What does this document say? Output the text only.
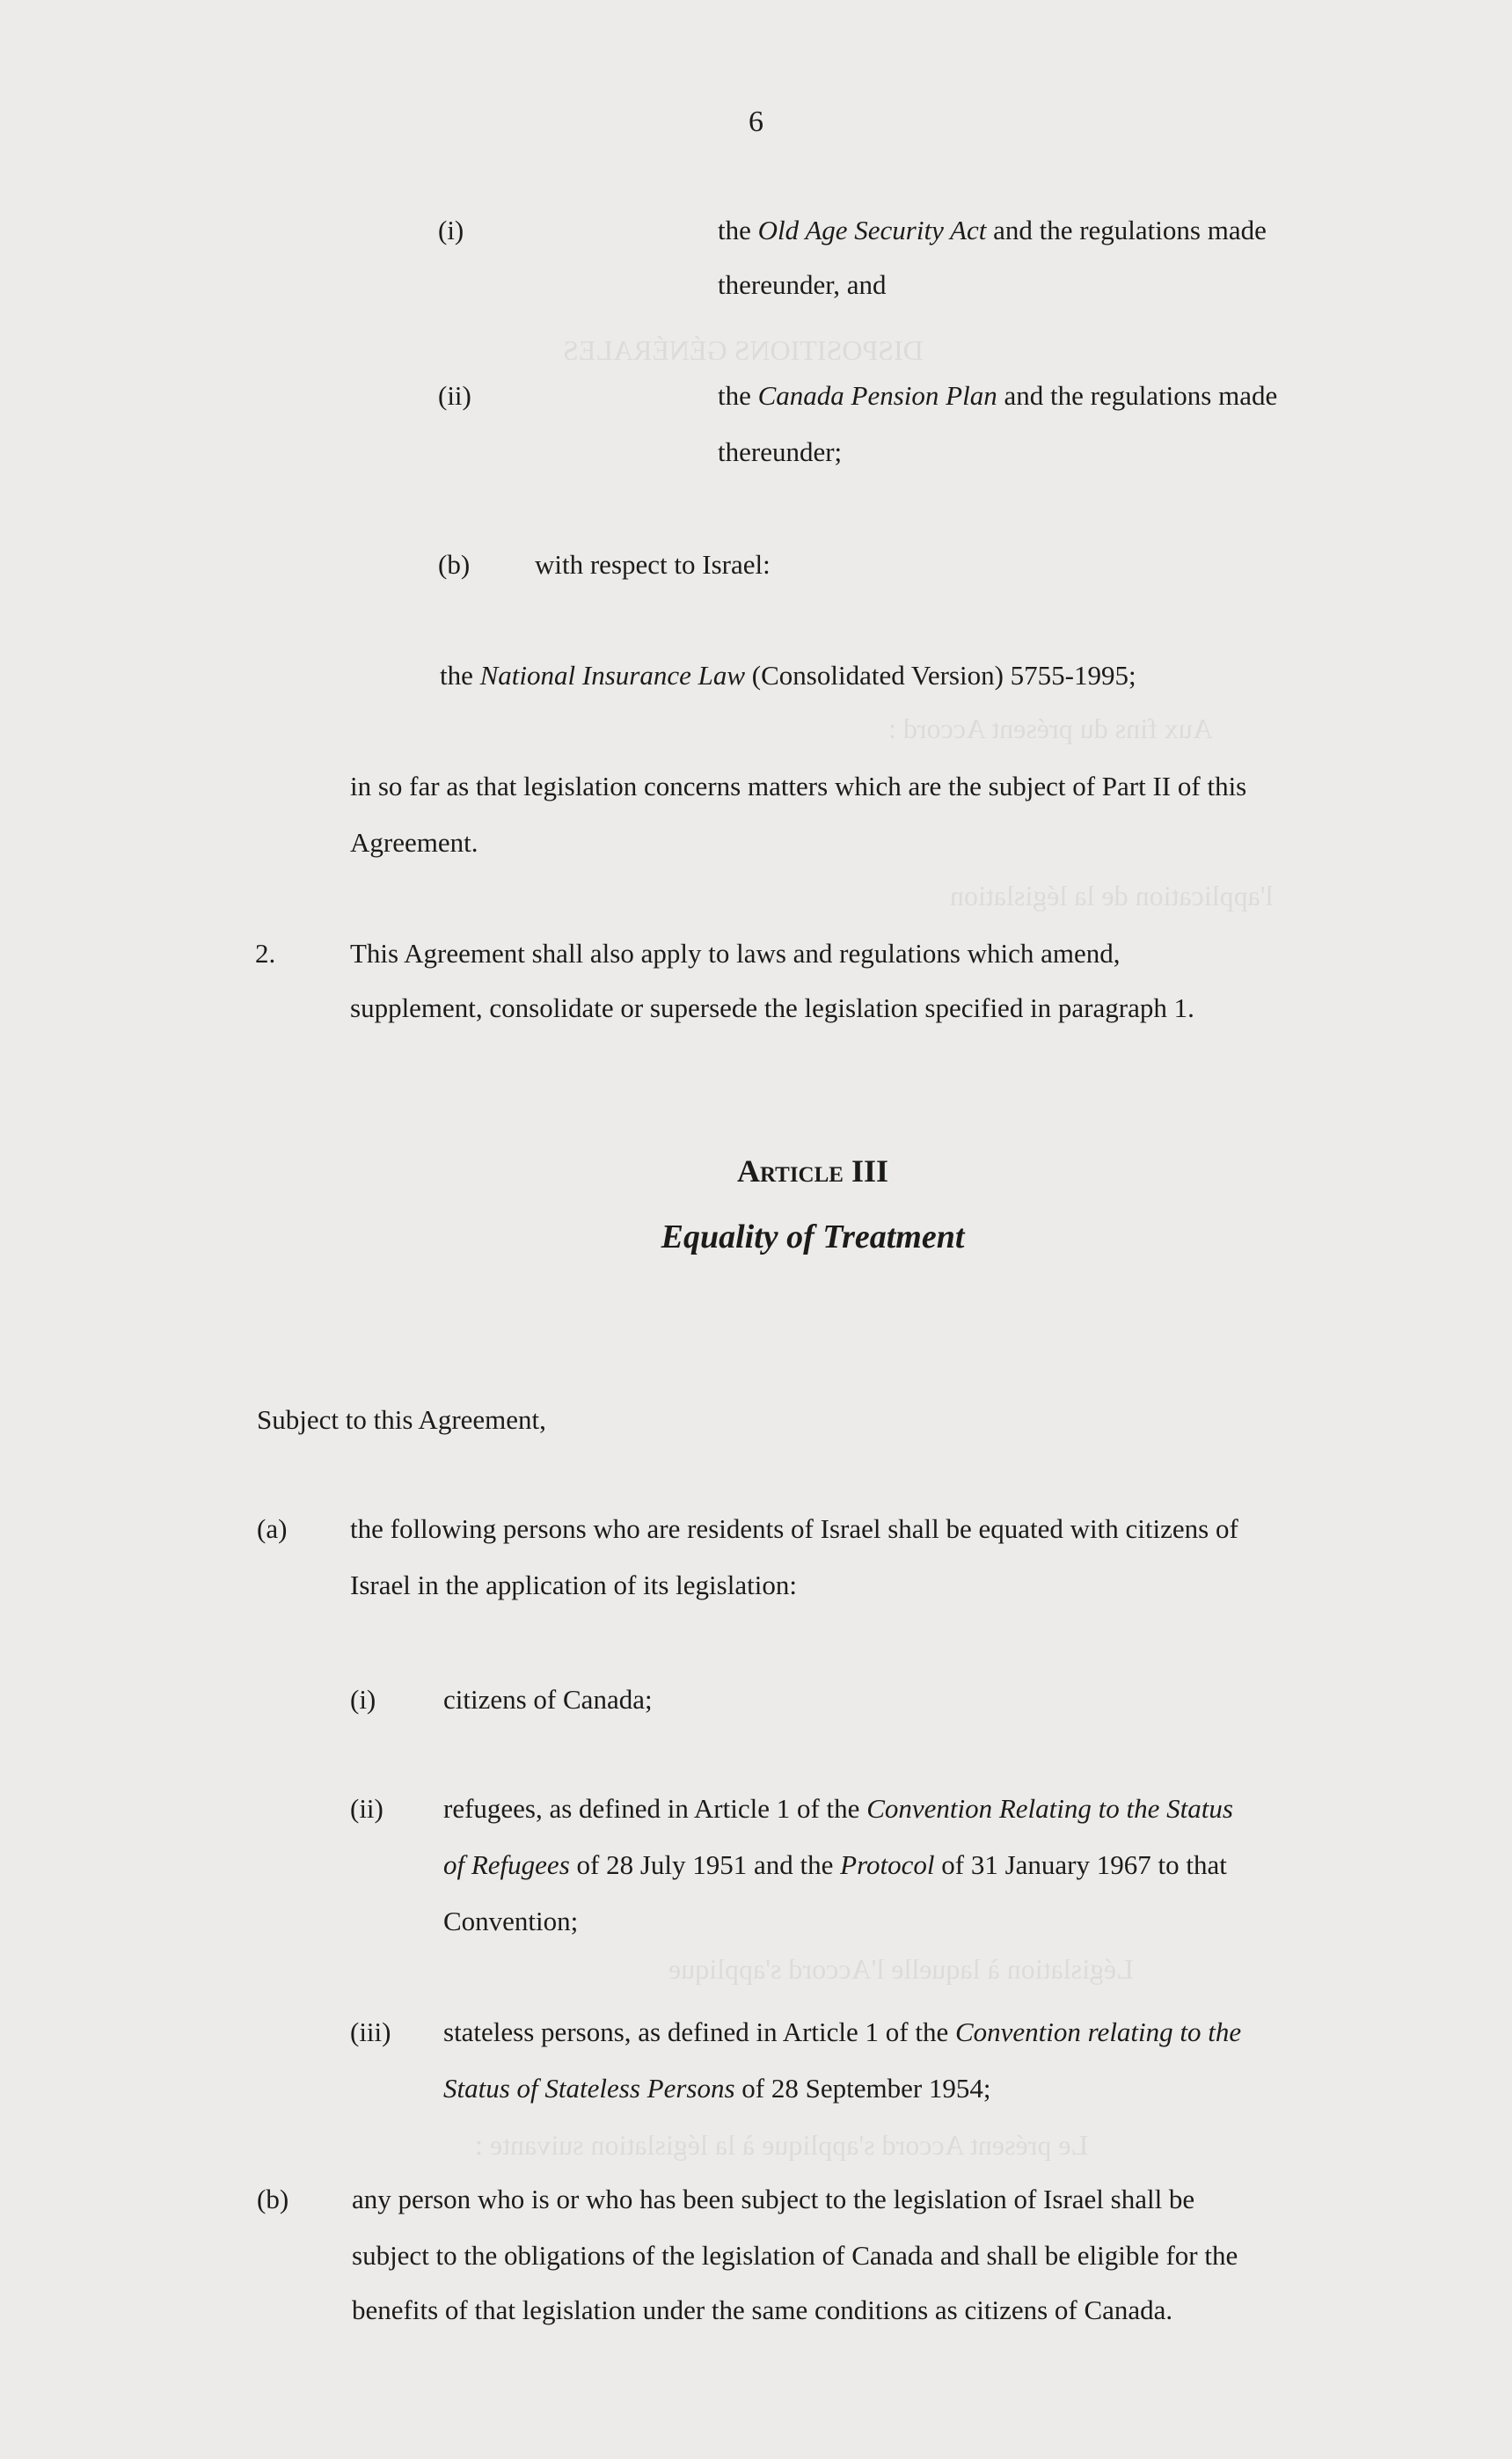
DISPOSITIONS GÉNÉRALES
Aux fins du présent Accord :
l'application de la législation
Législation à laquelle l'Accord s'applique
Le présent Accord s'applique à la législation suivante :
6
(i)	the Old Age Security Act and the regulations made
thereunder, and
(ii)	the Canada Pension Plan and the regulations made
thereunder;
(b) with respect to Israel:
the National Insurance Law (Consolidated Version) 5755-1995;
in so far as that legislation concerns matters which are the subject of Part II of this
Agreement.
2.	This Agreement shall also apply to laws and regulations which amend,
supplement, consolidate or supersede the legislation specified in paragraph 1.
Article III
Equality of Treatment
Subject to this Agreement,
(a) the following persons who are residents of Israel shall be equated with citizens of
Israel in the application of its legislation:
(i) citizens of Canada;
(ii) refugees, as defined in Article 1 of the Convention Relating to the Status
of Refugees of 28 July 1951 and the Protocol of 31 January 1967 to that
Convention;
(iii) stateless persons, as defined in Article 1 of the Convention relating to the
Status of Stateless Persons of 28 September 1954;
(b) any person who is or who has been subject to the legislation of Israel shall be
subject to the obligations of the legislation of Canada and shall be eligible for the
benefits of that legislation under the same conditions as citizens of Canada.
